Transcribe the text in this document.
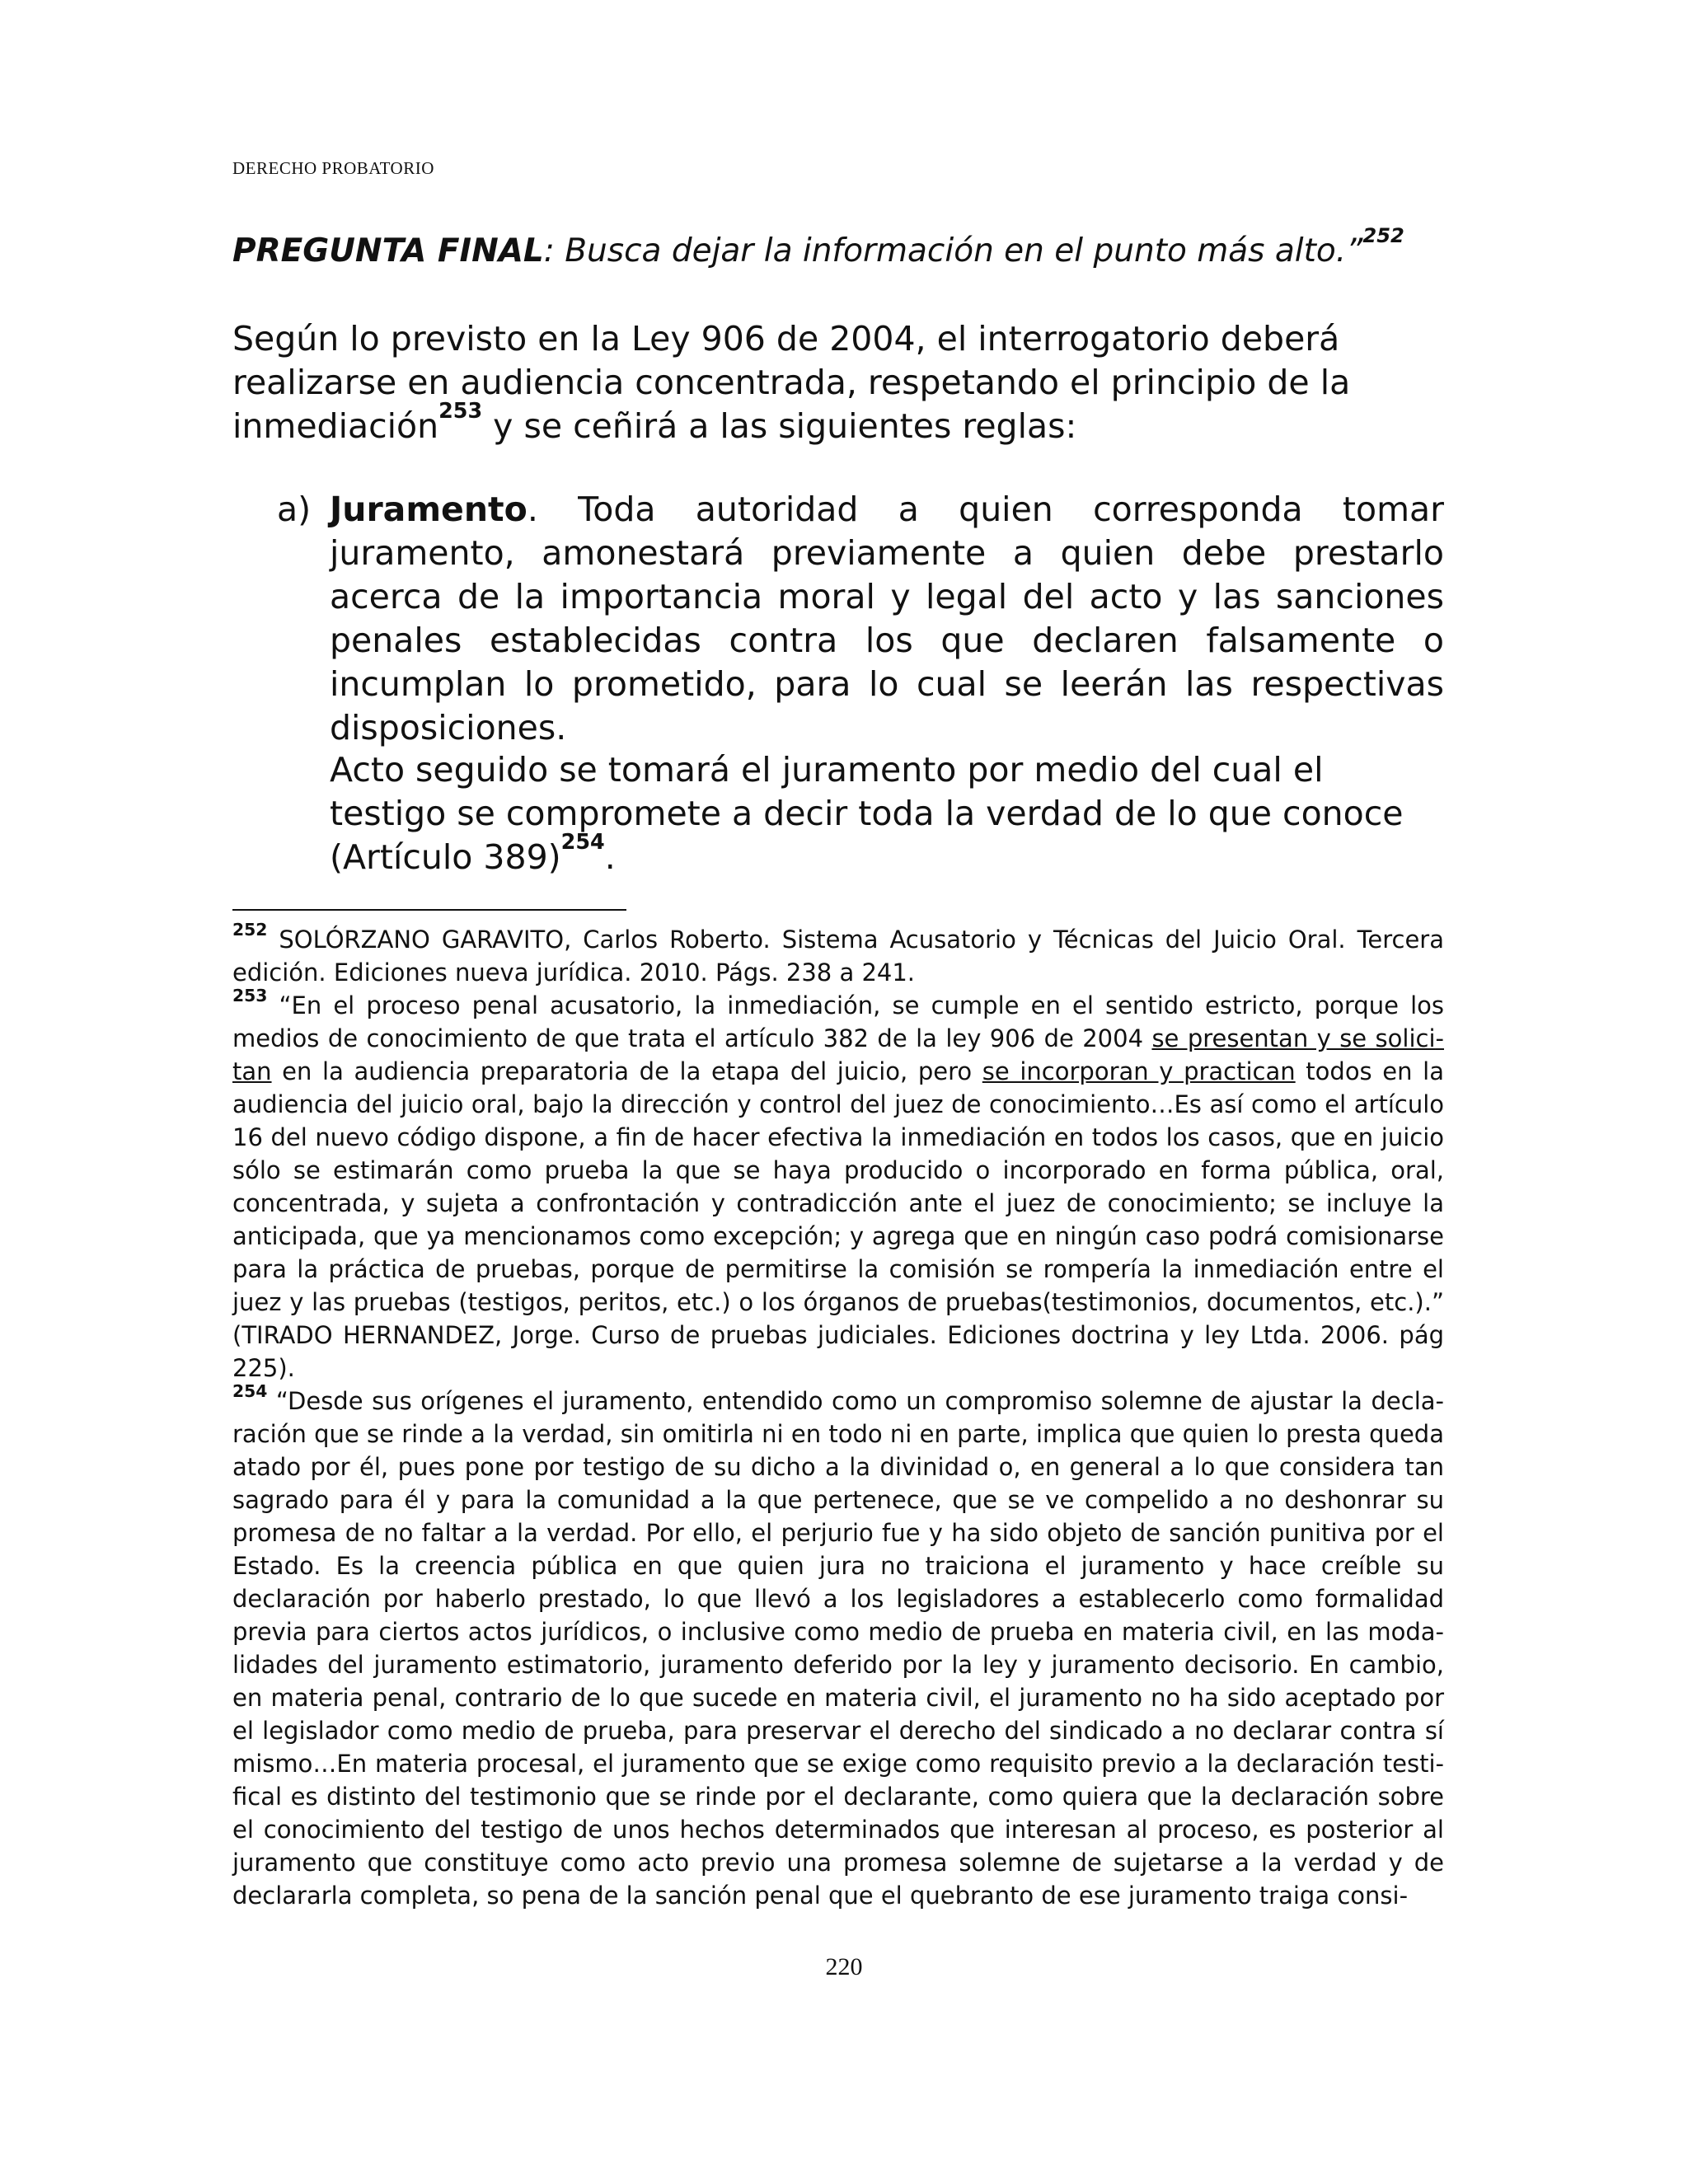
DERECHO PROBATORIO
PREGUNTA FINAL: Busca dejar la información en el punto más alto.”$^{252}$

Según lo previsto en la Ley 906 de 2004, el interrogatorio deberá realizarse en audiencia concentrada, respetando el principio de la inmediación$^{253}$ y se ceñirá a las siguientes reglas:

a) Juramento. Toda autoridad a quien corresponda tomar juramento, amonestará previamente a quien debe prestarlo acerca de la importancia moral y legal del acto y las sanciones penales establecidas contra los que declaren falsamente o incumplan lo prometido, para lo cual se leerán las respectivas disposiciones.

Acto seguido se tomará el juramento por medio del cual el testigo se compromete a decir toda la verdad de lo que conoce (Artículo 389)$^{254}$.

$^{252}$ SOLÓRZANO GARAVITO, Carlos Roberto. Sistema Acusatorio y Técnicas del Juicio Oral. Tercera edición. Ediciones nueva jurídica. 2010. Págs. 238 a 241.

$^{253}$ “En el proceso penal acusatorio, la inmediación, se cumple en el sentido estricto, porque los medios de conocimiento de que trata el artículo 382 de la ley 906 de 2004 se presentan y se solicitan en la audiencia preparatoria de la etapa del juicio, pero se incorporan y practican todos en la audiencia del juicio oral, bajo la dirección y control del juez de conocimiento…Es así como el artículo 16 del nuevo código dispone, a fin de hacer efectiva la inmediación en todos los casos, que en juicio sólo se estimarán como prueba la que se haya producido o incorporado en forma pública, oral, concentrada, y sujeta a confrontación y contradicción ante el juez de conocimiento; se incluye la anticipada, que ya mencionamos como excepción; y agrega que en ningún caso podrá comisionarse para la práctica de pruebas, porque de permitirse la comisión se rompería la inmediación entre el juez y las pruebas (testigos, peritos, etc.) o los órganos de pruebas(testimonios, documentos, etc.).” (TIRADO HERNANDEZ, Jorge. Curso de pruebas judiciales. Ediciones doctrina y ley Ltda. 2006. pág 225).

$^{254}$ “Desde sus orígenes el juramento, entendido como un compromiso solemne de ajustar la declaración que se rinde a la verdad, sin omitirla ni en todo ni en parte, implica que quien lo presta queda atado por él, pues pone por testigo de su dicho a la divinidad o, en general a lo que considera tan sagrado para él y para la comunidad a la que pertenece, que se ve compelido a no deshonrar su promesa de no faltar a la verdad. Por ello, el perjurio fue y ha sido objeto de sanción punitiva por el Estado. Es la creencia pública en que quien jura no traiciona el juramento y hace creíble su declaración por haberlo prestado, lo que llevó a los legisladores a establecerlo como formalidad previa para ciertos actos jurídicos, o inclusive como medio de prueba en materia civil, en las modalidades del juramento estimatorio, juramento deferido por la ley y juramento decisorio. En cambio, en materia penal, contrario de lo que sucede en materia civil, el juramento no ha sido aceptado por el legislador como medio de prueba, para preservar el derecho del sindicado a no declarar contra sí mismo…En materia procesal, el juramento que se exige como requisito previo a la declaración testifical es distinto del testimonio que se rinde por el declarante, como quiera que la declaración sobre el conocimiento del testigo de unos hechos determinados que interesan al proceso, es posterior al juramento que constituye como acto previo una promesa solemne de sujetarse a la verdad y de declararla completa, so pena de la sanción penal que el quebranto de ese juramento traiga consi-

220
